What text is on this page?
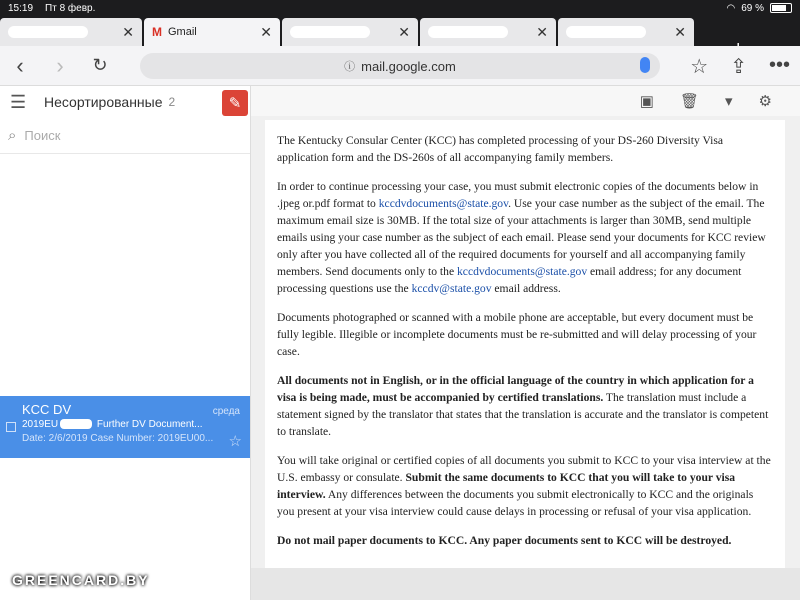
15:19 Пт 8 февр.	◠ 69 %
✕ M Gmail	✕	✕	✕	✕
‹	›	↻	ⓘ mail.google.com	☆ ⇪ •••
☰	Несортированные 2	✎
⌕ Поиск
KCC DV	среда
2019EU	Further DV Document...
Date: 2/6/2019 Case Number: 2019EU00...	☆
GREENCARD.BY
▣ 🗑 ▾ ⚙

The Kentucky Consular Center (KCC) has completed processing of your DS-260 Diversity Visa application form and the DS-260s of all accompanying family members.

In order to continue processing your case, you must submit electronic copies of the documents below in .jpeg or.pdf format to kccdvdocuments@state.gov. Use your case number as the subject of the email. The maximum email size is 30MB. If the total size of your attachments is larger than 30MB, send multiple emails using your case number as the subject of each email. Please send your documents for KCC review only after you have collected all of the required documents for yourself and all accompanying family members. Send documents only to the kccdvdocuments@state.gov email address; for any document processing questions use the kccdv@state.gov email address.

Documents photographed or scanned with a mobile phone are acceptable, but every document must be fully legible. Illegible or incomplete documents must be re-submitted and will delay processing of your case.

All documents not in English, or in the official language of the country in which application for a visa is being made, must be accompanied by certified translations. The translation must include a statement signed by the translator that states that the translation is accurate and the translator is competent to translate.

You will take original or certified copies of all documents you submit to KCC to your visa interview at the U.S. embassy or consulate. Submit the same documents to KCC that you will take to your visa interview. Any differences between the documents you submit electronically to KCC and the originals you present at your visa interview could cause delays in processing or refusal of your visa application.

Do not mail paper documents to KCC. Any paper documents sent to KCC will be destroyed.
